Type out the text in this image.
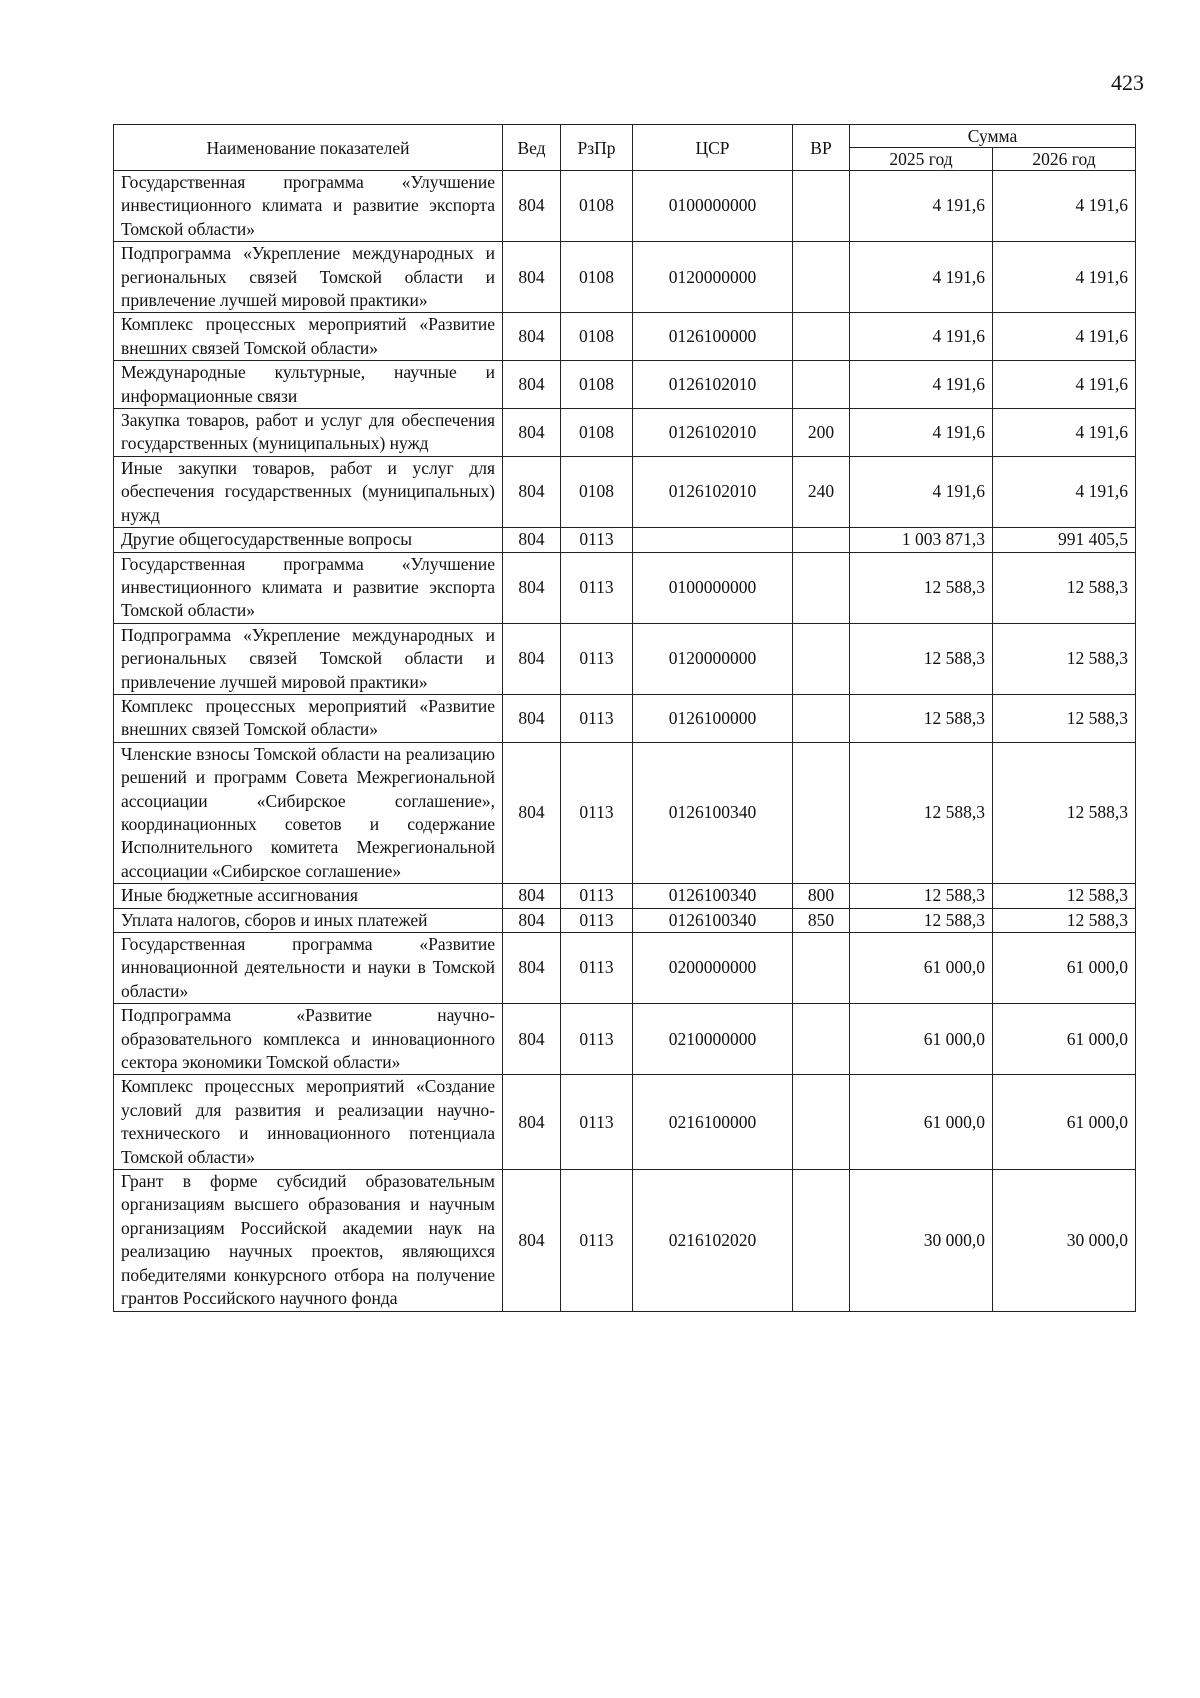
423
Наименование показателей	Вед	РзПр	ЦСР	ВР	Сумма	
					2025 год	2026 год
Государственная программа «Улучшение инвестиционного климата и развитие экспорта Томской области»	804	0108	0100000000		4 191,6	4 191,6
Подпрограмма «Укрепление международных и региональных связей Томской области и привлечение лучшей мировой практики»	804	0108	0120000000		4 191,6	4 191,6
Комплекс процессных мероприятий «Развитие внешних связей Томской области»	804	0108	0126100000		4 191,6	4 191,6
Международные культурные, научные и информационные связи	804	0108	0126102010		4 191,6	4 191,6
Закупка товаров, работ и услуг для обеспечения государственных (муниципальных) нужд	804	0108	0126102010	200	4 191,6	4 191,6
Иные закупки товаров, работ и услуг для обеспечения государственных (муниципальных) нужд	804	0108	0126102010	240	4 191,6	4 191,6
Другие общегосударственные вопросы	804	0113			1 003 871,3	991 405,5
Государственная программа «Улучшение инвестиционного климата и развитие экспорта Томской области»	804	0113	0100000000		12 588,3	12 588,3
Подпрограмма «Укрепление международных и региональных связей Томской области и привлечение лучшей мировой практики»	804	0113	0120000000		12 588,3	12 588,3
Комплекс процессных мероприятий «Развитие внешних связей Томской области»	804	0113	0126100000		12 588,3	12 588,3
Членские взносы Томской области на реализацию решений и программ Совета Межрегиональной ассоциации «Сибирское соглашение», координационных советов и содержание Исполнительного комитета Межрегиональной ассоциации «Сибирское соглашение»	804	0113	0126100340		12 588,3	12 588,3
Иные бюджетные ассигнования	804	0113	0126100340	800	12 588,3	12 588,3
Уплата налогов, сборов и иных платежей	804	0113	0126100340	850	12 588,3	12 588,3
Государственная программа «Развитие инновационной деятельности и науки в Томской области»	804	0113	0200000000		61 000,0	61 000,0
Подпрограмма «Развитие научно-образовательного комплекса и инновационного сектора экономики Томской области»	804	0113	0210000000		61 000,0	61 000,0
Комплекс процессных мероприятий «Создание условий для развития и реализации научно-технического и инновационного потенциала Томской области»	804	0113	0216100000		61 000,0	61 000,0
Грант в форме субсидий образовательным организациям высшего образования и научным организациям Российской академии наук на реализацию научных проектов, являющихся победителями конкурсного отбора на получение грантов Российского научного фонда	804	0113	0216102020		30 000,0	30 000,0
